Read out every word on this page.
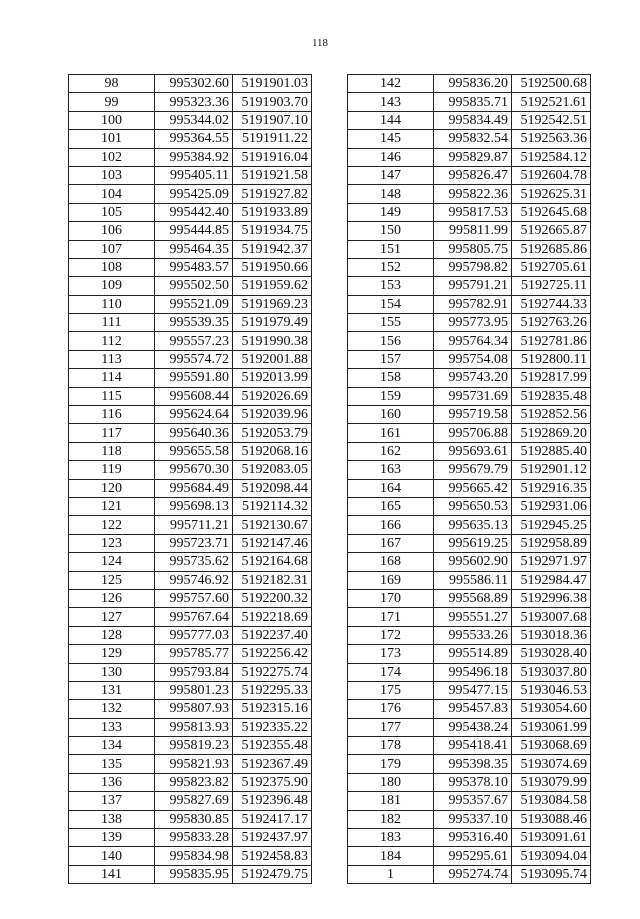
118
98	995302.60	5191901.03
99	995323.36	5191903.70
100	995344.02	5191907.10
101	995364.55	5191911.22
102	995384.92	5191916.04
103	995405.11	5191921.58
104	995425.09	5191927.82
105	995442.40	5191933.89
106	995444.85	5191934.75
107	995464.35	5191942.37
108	995483.57	5191950.66
109	995502.50	5191959.62
110	995521.09	5191969.23
111	995539.35	5191979.49
112	995557.23	5191990.38
113	995574.72	5192001.88
114	995591.80	5192013.99
115	995608.44	5192026.69
116	995624.64	5192039.96
117	995640.36	5192053.79
118	995655.58	5192068.16
119	995670.30	5192083.05
120	995684.49	5192098.44
121	995698.13	5192114.32
122	995711.21	5192130.67
123	995723.71	5192147.46
124	995735.62	5192164.68
125	995746.92	5192182.31
126	995757.60	5192200.32
127	995767.64	5192218.69
128	995777.03	5192237.40
129	995785.77	5192256.42
130	995793.84	5192275.74
131	995801.23	5192295.33
132	995807.93	5192315.16
133	995813.93	5192335.22
134	995819.23	5192355.48
135	995821.93	5192367.49
136	995823.82	5192375.90
137	995827.69	5192396.48
138	995830.85	5192417.17
139	995833.28	5192437.97
140	995834.98	5192458.83
141	995835.95	5192479.75
142	995836.20	5192500.68
143	995835.71	5192521.61
144	995834.49	5192542.51
145	995832.54	5192563.36
146	995829.87	5192584.12
147	995826.47	5192604.78
148	995822.36	5192625.31
149	995817.53	5192645.68
150	995811.99	5192665.87
151	995805.75	5192685.86
152	995798.82	5192705.61
153	995791.21	5192725.11
154	995782.91	5192744.33
155	995773.95	5192763.26
156	995764.34	5192781.86
157	995754.08	5192800.11
158	995743.20	5192817.99
159	995731.69	5192835.48
160	995719.58	5192852.56
161	995706.88	5192869.20
162	995693.61	5192885.40
163	995679.79	5192901.12
164	995665.42	5192916.35
165	995650.53	5192931.06
166	995635.13	5192945.25
167	995619.25	5192958.89
168	995602.90	5192971.97
169	995586.11	5192984.47
170	995568.89	5192996.38
171	995551.27	5193007.68
172	995533.26	5193018.36
173	995514.89	5193028.40
174	995496.18	5193037.80
175	995477.15	5193046.53
176	995457.83	5193054.60
177	995438.24	5193061.99
178	995418.41	5193068.69
179	995398.35	5193074.69
180	995378.10	5193079.99
181	995357.67	5193084.58
182	995337.10	5193088.46
183	995316.40	5193091.61
184	995295.61	5193094.04
1	995274.74	5193095.74
